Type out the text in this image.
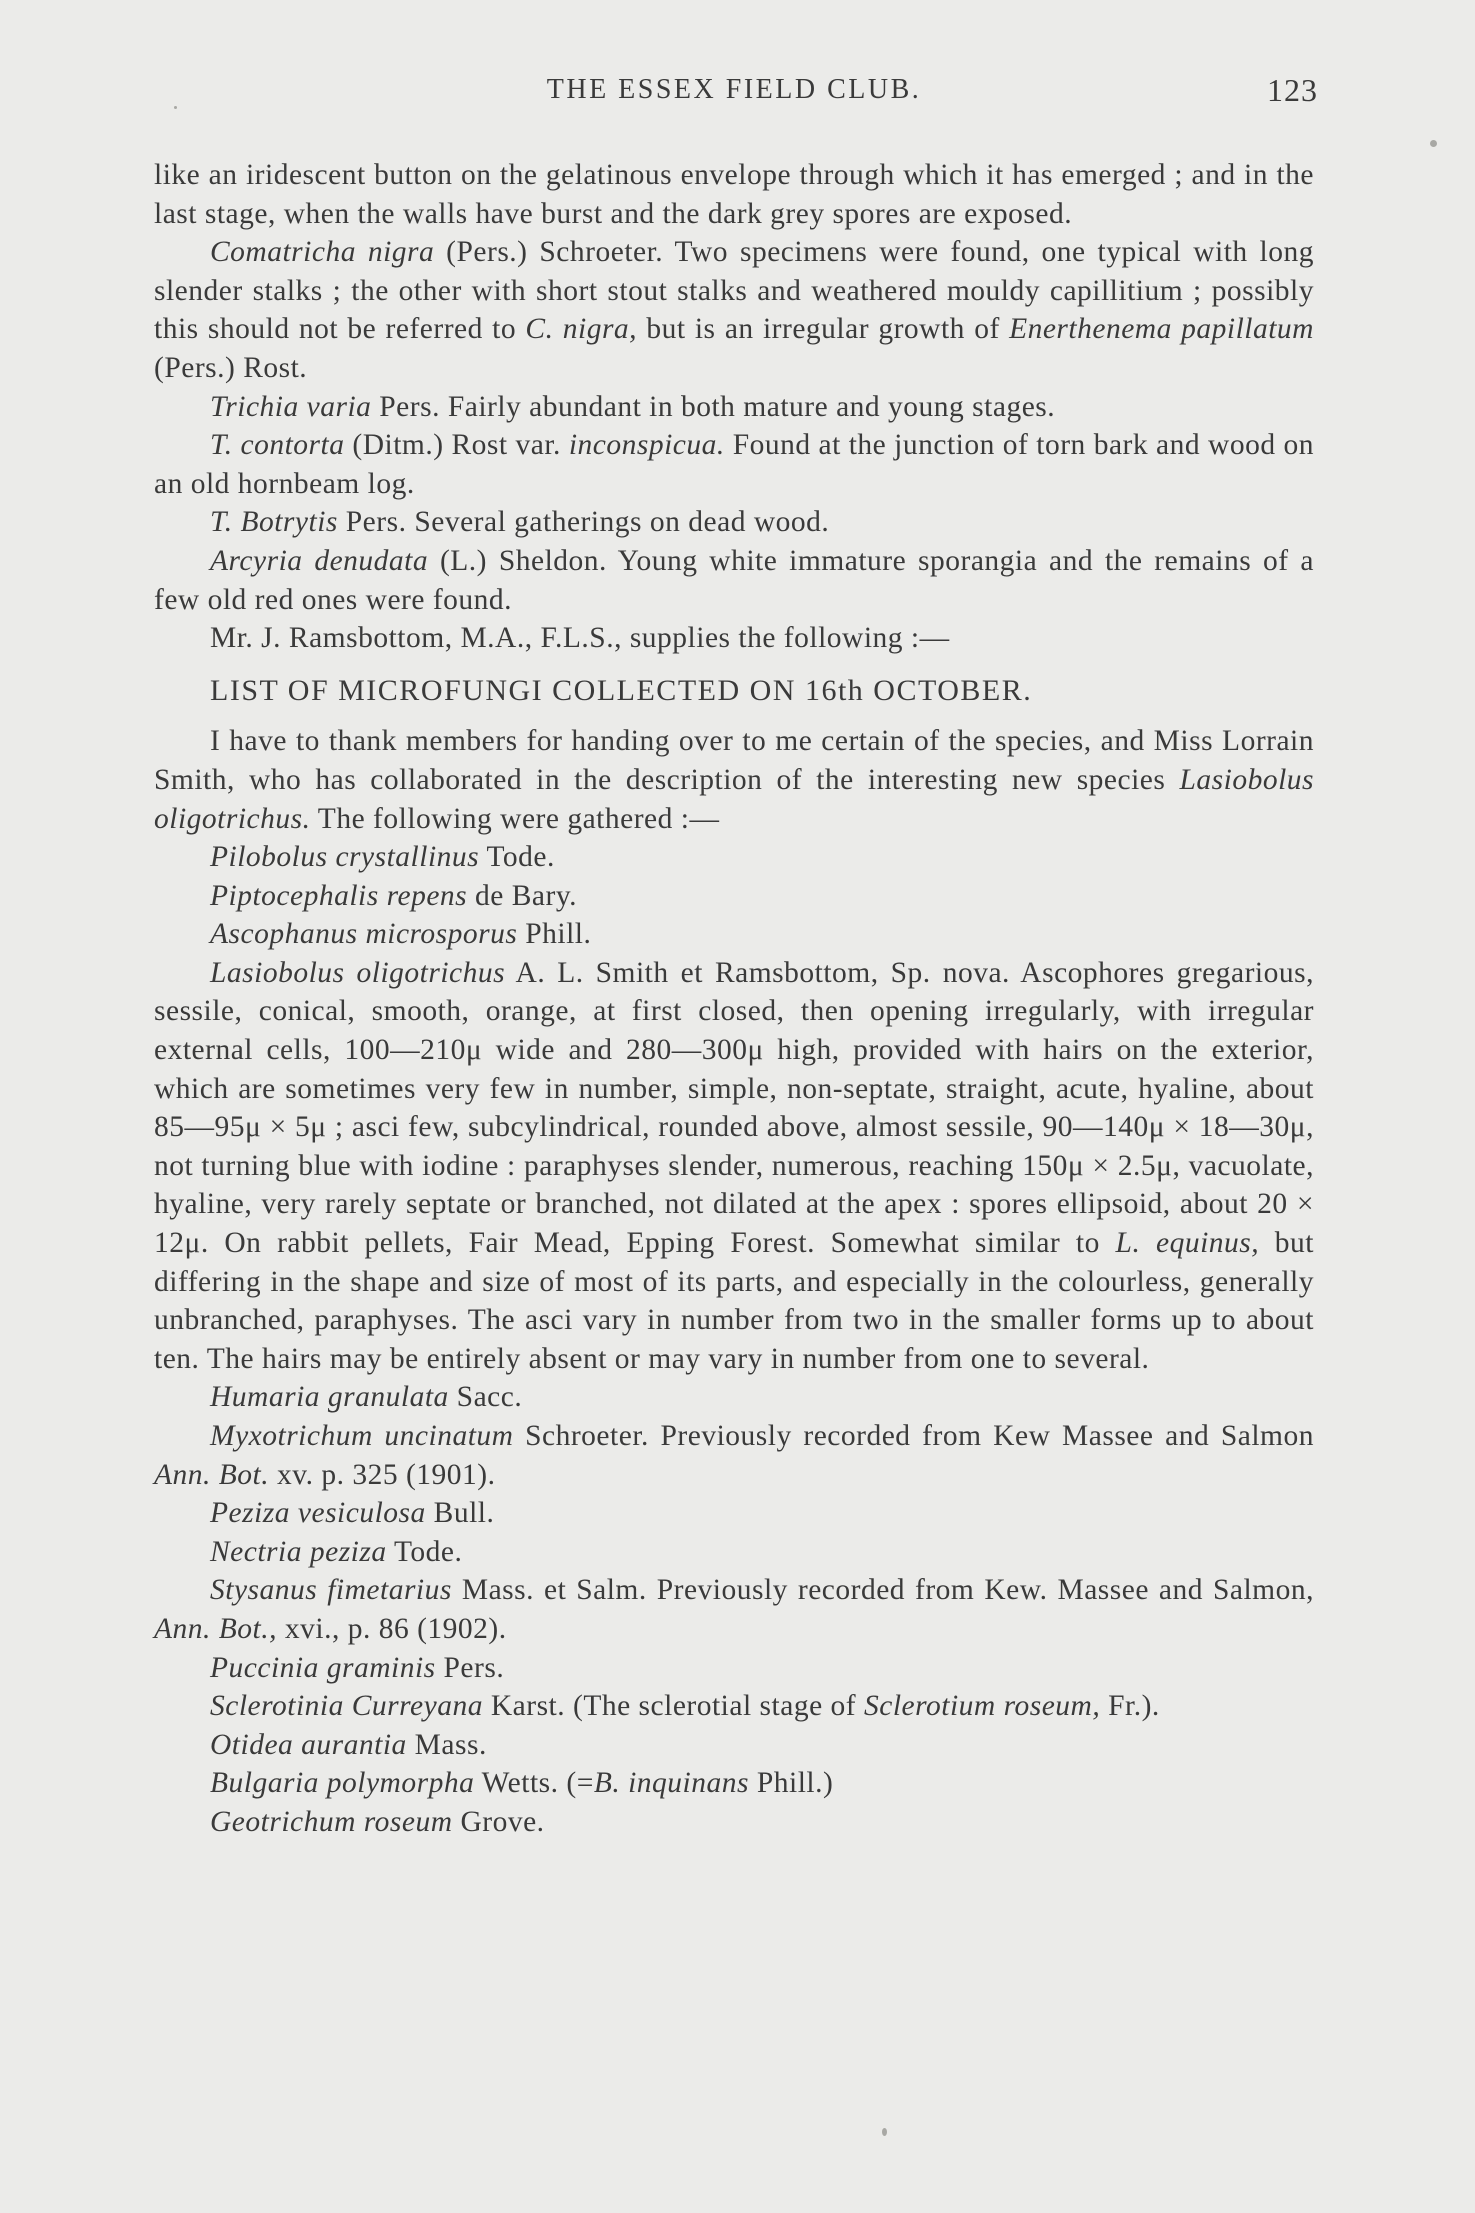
THE ESSEX FIELD CLUB.	123

like an iridescent button on the gelatinous envelope through which it has emerged ; and in the last stage, when the walls have burst and the dark grey spores are exposed.

Comatricha nigra (Pers.) Schroeter. Two specimens were found, one typical with long slender stalks ; the other with short stout stalks and weathered mouldy capillitium ; possibly this should not be referred to C. nigra, but is an irregular growth of Enerthenema papillatum (Pers.) Rost.

Trichia varia Pers. Fairly abundant in both mature and young stages.

T. contorta (Ditm.) Rost var. inconspicua. Found at the junction of torn bark and wood on an old hornbeam log.

T. Botrytis Pers. Several gatherings on dead wood.

Arcyria denudata (L.) Sheldon. Young white immature sporangia and the remains of a few old red ones were found.

Mr. J. Ramsbottom, M.A., F.L.S., supplies the following :—

LIST OF MICROFUNGI COLLECTED ON 16th OCTOBER.

I have to thank members for handing over to me certain of the species, and Miss Lorrain Smith, who has collaborated in the description of the interesting new species Lasiobolus oligotrichus. The following were gathered :—

Pilobolus crystallinus Tode.

Piptocephalis repens de Bary.

Ascophanus microsporus Phill.

Lasiobolus oligotrichus A. L. Smith et Ramsbottom, Sp. nova. Ascophores gregarious, sessile, conical, smooth, orange, at first closed, then opening irregularly, with irregular external cells, 100—210μ wide and 280—300μ high, provided with hairs on the exterior, which are sometimes very few in number, simple, non-septate, straight, acute, hyaline, about 85—95μ × 5μ ; asci few, subcylindrical, rounded above, almost sessile, 90—140μ × 18—30μ, not turning blue with iodine : paraphyses slender, numerous, reaching 150μ × 2.5μ, vacuolate, hyaline, very rarely septate or branched, not dilated at the apex : spores ellipsoid, about 20 × 12μ. On rabbit pellets, Fair Mead, Epping Forest. Somewhat similar to L. equinus, but differing in the shape and size of most of its parts, and especially in the colourless, generally unbranched, paraphyses. The asci vary in number from two in the smaller forms up to about ten. The hairs may be entirely absent or may vary in number from one to several.

Humaria granulata Sacc.

Myxotrichum uncinatum Schroeter. Previously recorded from Kew Massee and Salmon Ann. Bot. xv. p. 325 (1901).

Peziza vesiculosa Bull.

Nectria peziza Tode.

Stysanus fimetarius Mass. et Salm. Previously recorded from Kew. Massee and Salmon, Ann. Bot., xvi., p. 86 (1902).

Puccinia graminis Pers.

Sclerotinia Curreyana Karst. (The sclerotial stage of Sclerotium roseum, Fr.).

Otidea aurantia Mass.

Bulgaria polymorpha Wetts. (=B. inquinans Phill.)

Geotrichum roseum Grove.
